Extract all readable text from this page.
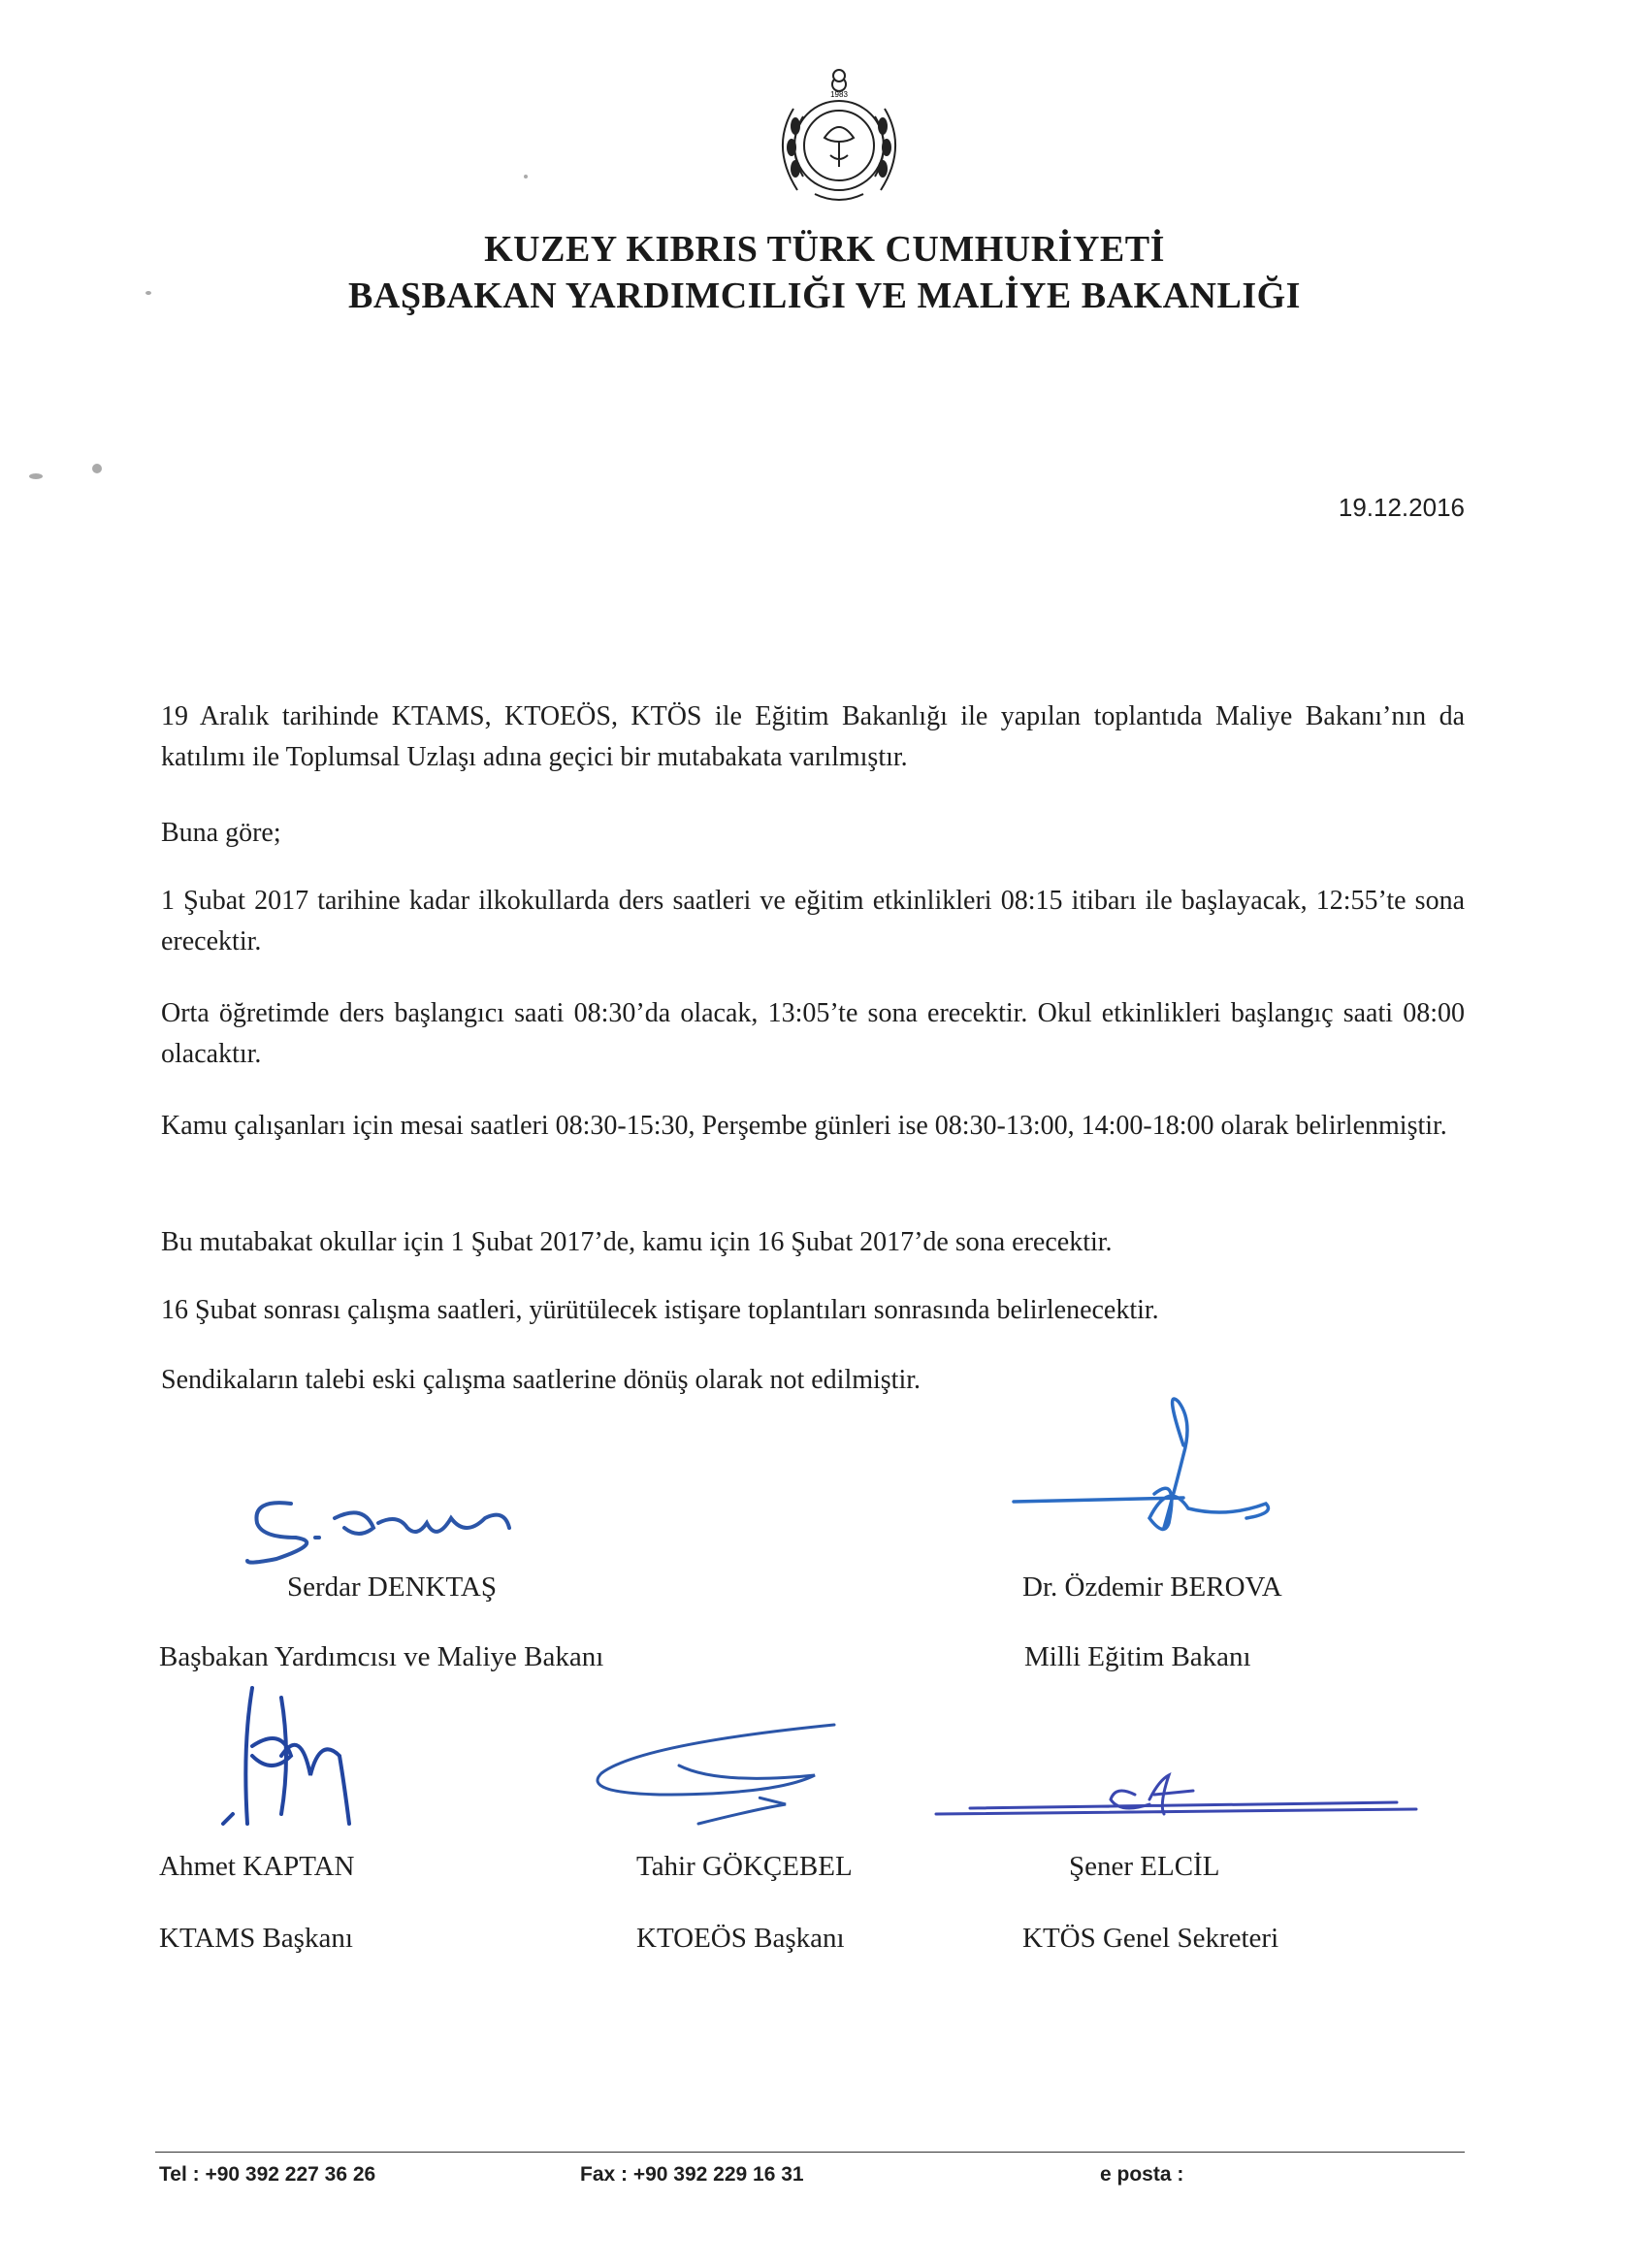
1983
KUZEY KIBRIS TÜRK CUMHURİYETİ
BAŞBAKAN YARDIMCILIĞI VE MALİYE BAKANLIĞI
19.12.2016
19 Aralık tarihinde KTAMS, KTOEÖS, KTÖS ile Eğitim Bakanlığı ile yapılan toplantıda Maliye Bakanı’nın da katılımı ile Toplumsal Uzlaşı adına geçici bir mutabakata varılmıştır.
Buna göre;
1 Şubat 2017 tarihine kadar ilkokullarda ders saatleri ve eğitim etkinlikleri 08:15 itibarı ile başlayacak, 12:55’te sona erecektir.
Orta öğretimde ders başlangıcı saati 08:30’da olacak, 13:05’te sona erecektir. Okul etkinlikleri başlangıç saati 08:00 olacaktır.
Kamu çalışanları için mesai saatleri 08:30-15:30, Perşembe günleri ise 08:30-13:00, 14:00-18:00 olarak belirlenmiştir.
Bu mutabakat okullar için 1 Şubat 2017’de, kamu için 16 Şubat 2017’de sona erecektir.
16 Şubat sonrası çalışma saatleri, yürütülecek istişare toplantıları sonrasında belirlenecektir.
Sendikaların talebi eski çalışma saatlerine dönüş olarak not edilmiştir.
Serdar DENKTAŞ	Dr. Özdemir BEROVA
Başbakan Yardımcısı ve Maliye Bakanı	Milli Eğitim Bakanı
Ahmet KAPTAN	Tahir GÖKÇEBEL	Şener ELCİL
KTAMS Başkanı	KTOEÖS Başkanı	KTÖS Genel Sekreteri
Tel : +90 392 227 36 26	Fax : +90 392 229 16 31	e posta :
